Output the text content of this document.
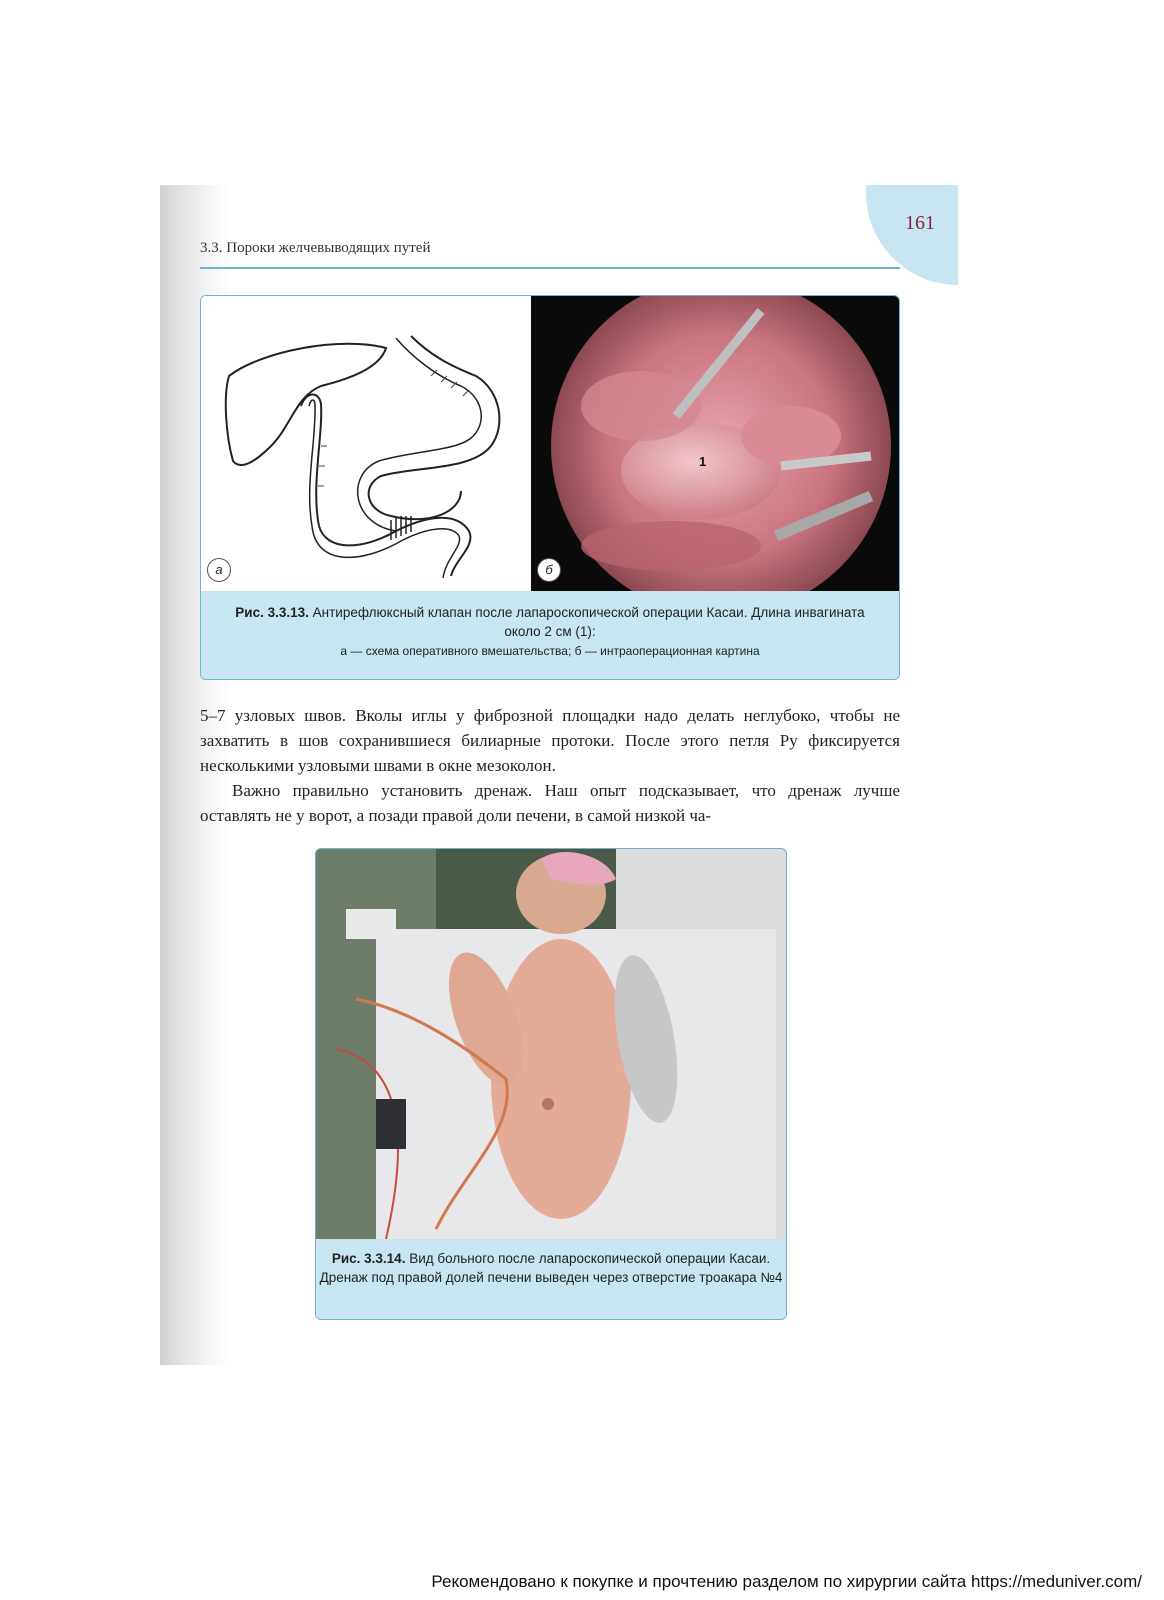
161
3.3. Пороки желчевыводящих путей
а
1
б
Рис. 3.3.13. Антирефлюксный клапан после лапароскопической операции Касаи. Длина инвагината около 2 см (1):
а — схема оперативного вмешательства; б — интраоперационная картина

5–7 узловых швов. Вколы иглы у фиброзной площадки надо делать неглубоко, чтобы не захватить в шов сохранившиеся билиарные протоки. После этого петля Ру фиксируется несколькими узловыми швами в окне мезоколон.

Важно правильно установить дренаж. Наш опыт подсказывает, что дренаж лучше оставлять не у ворот, а позади правой доли печени, в самой низкой ча-

Рис. 3.3.14. Вид больного после лапароскопической операции Касаи. Дренаж под правой долей печени выведен через отверстие троакара №4
Рекомендовано к покупке и прочтению разделом по хирургии сайта https://meduniver.com/
